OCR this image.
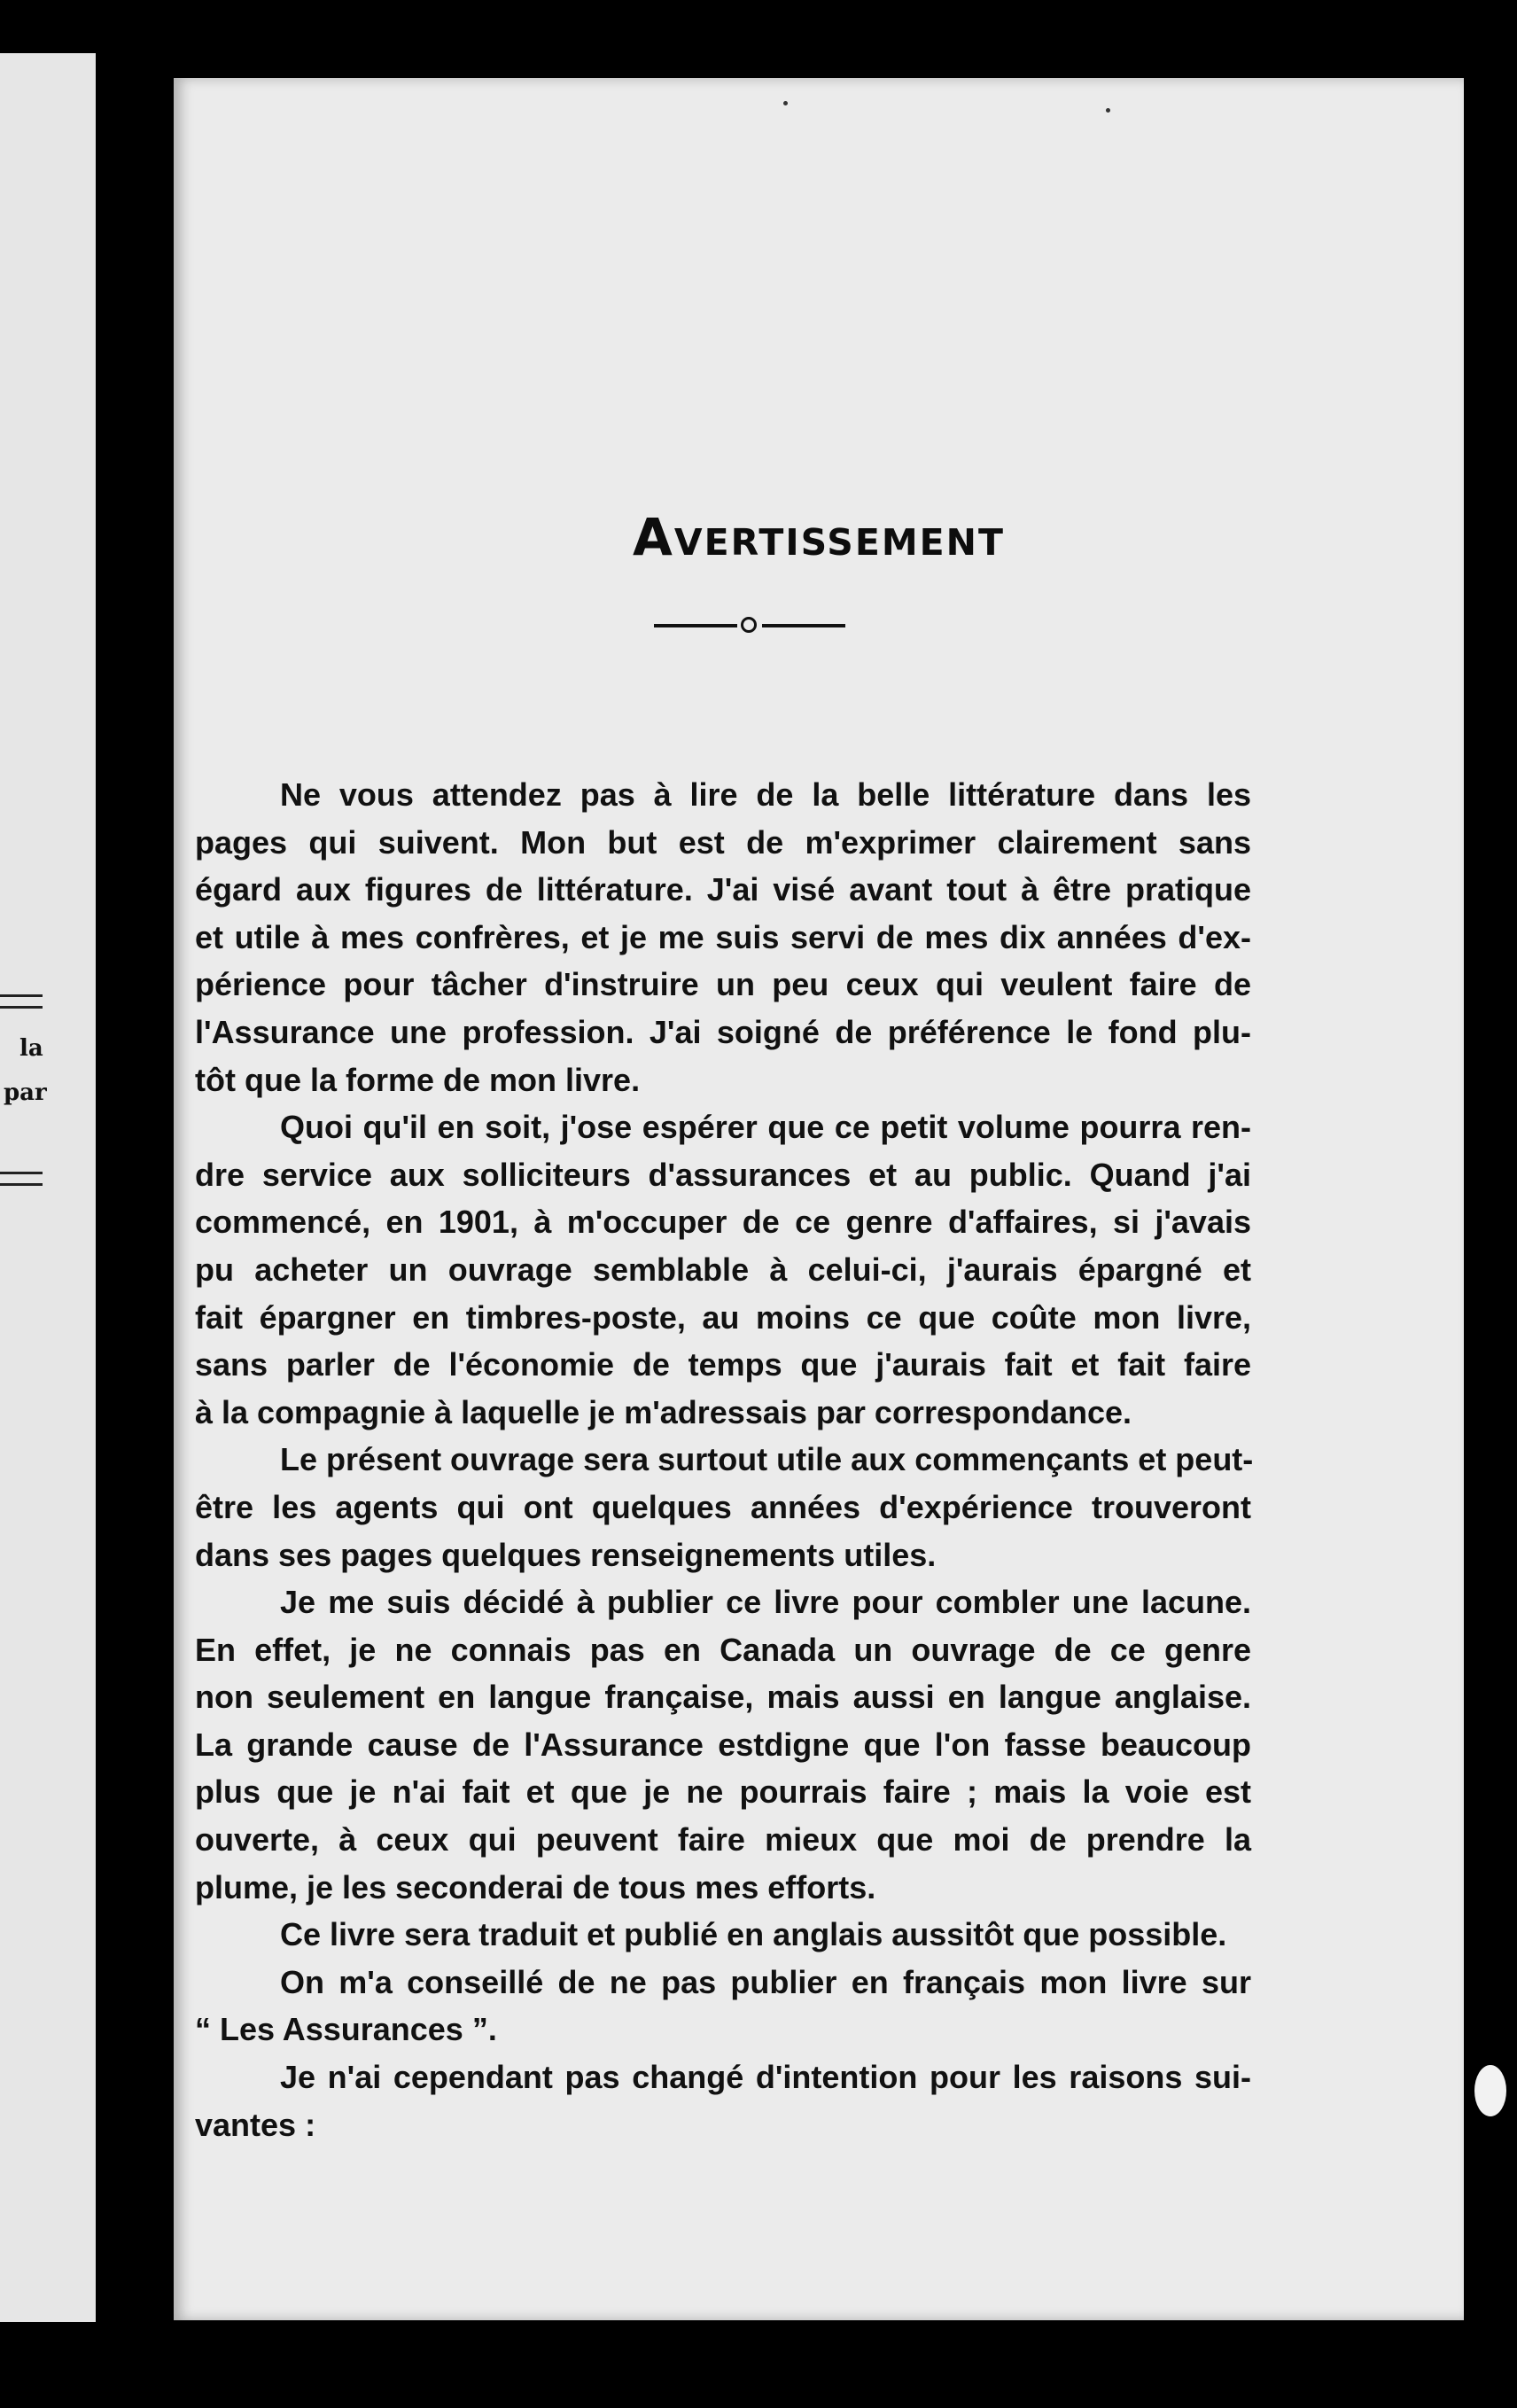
la
par
Avertissement

Ne vous attendez pas à lire de la belle littérature dans les
pages qui suivent. Mon but est de m'exprimer clairement sans
égard aux figures de littérature. J'ai visé avant tout à être pratique
et utile à mes confrères, et je me suis servi de mes dix années d'ex-
périence pour tâcher d'instruire un peu ceux qui veulent faire de
l'Assurance une profession. J'ai soigné de préférence le fond plu-
tôt que la forme de mon livre.

Quoi qu'il en soit, j'ose espérer que ce petit volume pourra ren-
dre service aux solliciteurs d'assurances et au public. Quand j'ai
commencé, en 1901, à m'occuper de ce genre d'affaires, si j'avais
pu acheter un ouvrage semblable à celui-ci, j'aurais épargné et
fait épargner en timbres-poste, au moins ce que coûte mon livre,
sans parler de l'économie de temps que j'aurais fait et fait faire
à la compagnie à laquelle je m'adressais par correspondance.

Le présent ouvrage sera surtout utile aux commençants et peut-
être les agents qui ont quelques années d'expérience trouveront
dans ses pages quelques renseignements utiles.

Je me suis décidé à publier ce livre pour combler une lacune.
En effet, je ne connais pas en Canada un ouvrage de ce genre
non seulement en langue française, mais aussi en langue anglaise.
La grande cause de l'Assurance estdigne que l'on fasse beaucoup
plus que je n'ai fait et que je ne pourrais faire ; mais la voie est
ouverte, à ceux qui peuvent faire mieux que moi de prendre la
plume, je les seconderai de tous mes efforts.

Ce livre sera traduit et publié en anglais aussitôt que possible.

On m'a conseillé de ne pas publier en français mon livre sur
“ Les Assurances ”.

Je n'ai cependant pas changé d'intention pour les raisons sui-
vantes :
